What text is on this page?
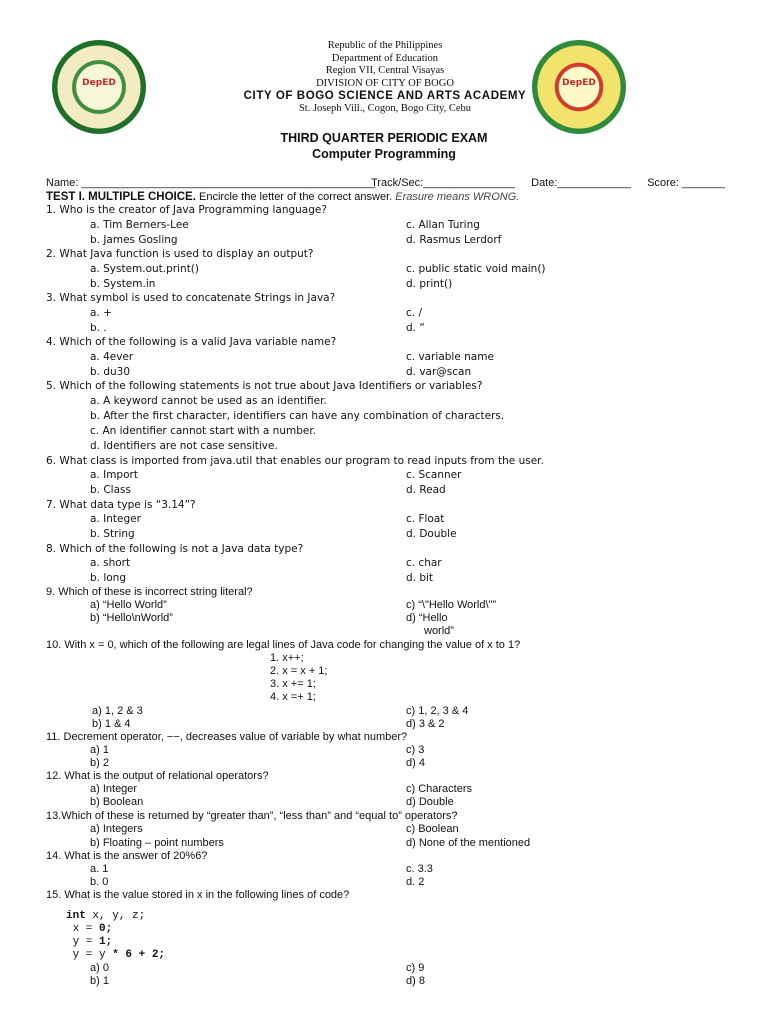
DepED	DepED
Republic of the Philippines
Department of Education
Region VII, Central Visayas
DIVISION OF CITY OF BOGO
CITY OF BOGO SCIENCE AND ARTS ACADEMY
St. Joseph Vill., Cogon, Bogo City, Cebu
THIRD QUARTER PERIODIC EXAM
Computer Programming
Name: ________________________________________________ Track/Sec:_______________ Date:____________ Score: _______
TEST I. MULTIPLE CHOICE. Encircle the letter of the correct answer. Erasure means WRONG.
1. Who is the creator of Java Programming language?
a. Tim Berners-Lee	c. Allan Turing
b. James Gosling	d. Rasmus Lerdorf
2. What Java function is used to display an output?
a. System.out.print()	c. public static void main()
b. System.in	d. print()
3. What symbol is used to concatenate Strings in Java?
a. +	c. /
b. .	d. “
4. Which of the following is a valid Java variable name?
a. 4ever	c. variable name
b. du30	d. var@scan
5. Which of the following statements is not true about Java Identifiers or variables?
a. A keyword cannot be used as an identifier.
b. After the first character, identifiers can have any combination of characters.
c. An identifier cannot start with a number.
d. Identifiers are not case sensitive.
6. What class is imported from java.util that enables our program to read inputs from the user.
a. Import	c. Scanner
b. Class	d. Read
7. What data type is “3.14”?
a. Integer	c. Float
b. String	d. Double
8. Which of the following is not a Java data type?
a. short	c. char
b. long	d. bit
9. Which of these is incorrect string literal?
a) “Hello World”	c) “\"Hello World\"”
b) “Hello\nWorld”	d) “Hello
world”
10. With x = 0, which of the following are legal lines of Java code for changing the value of x to 1?
1. x++;
2. x = x + 1;
3. x += 1;
4. x =+ 1;
a) 1, 2 & 3	c) 1, 2, 3 & 4
b) 1 & 4	d) 3 & 2
11. Decrement operator, −−, decreases value of variable by what number?
a) 1	c) 3
b) 2	d) 4
12. What is the output of relational operators?
a) Integer	c) Characters
b) Boolean	d) Double
13.Which of these is returned by “greater than”, “less than” and “equal to” operators?
a) Integers	c) Boolean
b) Floating – point numbers	d) None of the mentioned
14. What is the answer of 20%6?
a. 1	c. 3.3
b. 0	d. 2
15. What is the value stored in x in the following lines of code?
int x, y, z;
x = 0;
y = 1;
y = y * 6 + 2;
a) 0	c) 9
b) 1	d) 8
